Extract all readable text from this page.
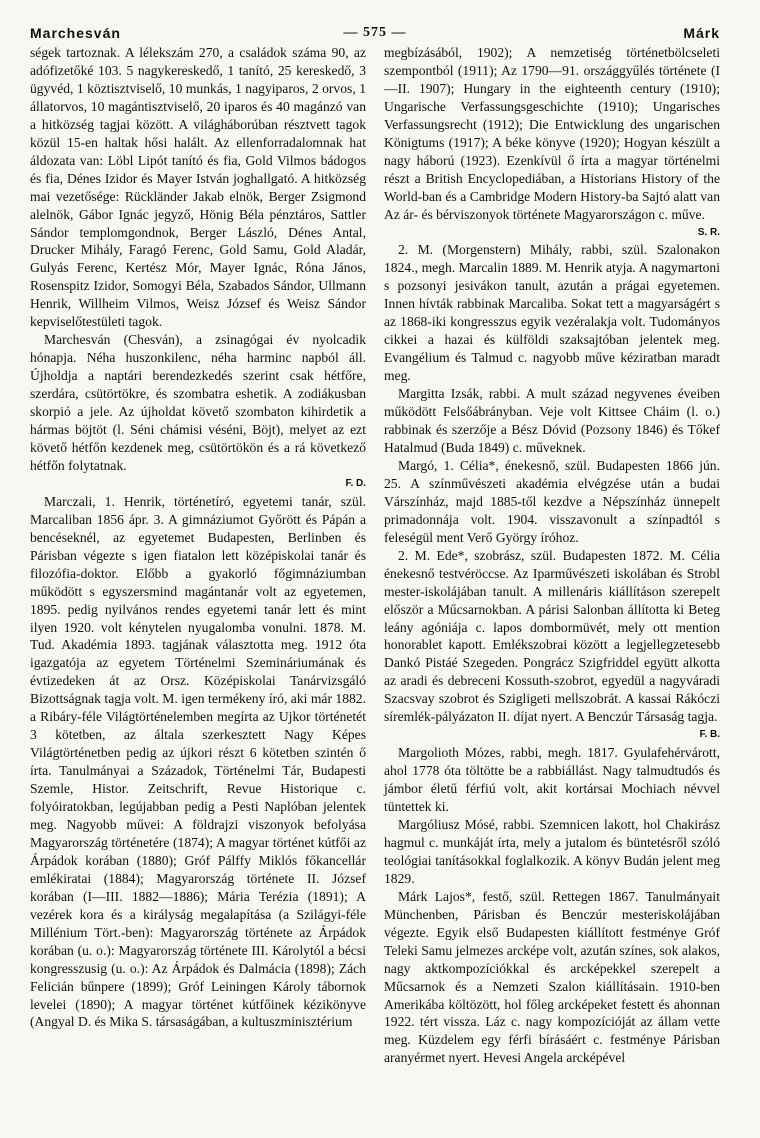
Marchesván	— 575 —	Márk

ségek tartoznak. A lélekszám 270, a családok száma 90, az adófizetőké 103. 5 nagykereskedő, 1 tanító, 25 kereskedő, 3 ügyvéd, 1 köztisztviselő, 10 munkás, 1 nagyiparos, 2 orvos, 1 állatorvos, 10 magántisztviselő, 20 iparos és 40 magánzó van a hitközség tagjai között. A világháborúban résztvett tagok közül 15-en haltak hősi halált. Az ellenforradalomnak hat áldozata van: Löbl Lipót tanító és fia, Gold Vilmos bádogos és fia, Dénes Izidor és Mayer István joghallgató. A hitközség mai vezetősége: Rückländer Jakab elnök, Berger Zsigmond alelnök, Gábor Ignác jegyző, Hönig Béla pénztáros, Sattler Sándor templomgondnok, Berger László, Dénes Antal, Drucker Mihály, Faragó Ferenc, Gold Samu, Gold Aladár, Gulyás Ferenc, Kertész Mór, Mayer Ignác, Róna János, Rosenspitz Izidor, Somogyi Béla, Szabados Sándor, Ullmann Henrik, Willheim Vilmos, Weisz József és Weisz Sándor kepviselőtestületi tagok.

Marchesván (Chesván), a zsinagógai év nyolcadik hónapja. Néha huszonkilenc, néha harminc napból áll. Újholdja a naptári berendezkedés szerint csak hétfőre, szerdára, csütörtökre, és szombatra eshetik. A zodiákusban skorpió a jele. Az újholdat követő szombaton kihirdetik a hármas böjtöt (l. Séni chámisi véséni, Böjt), melyet az ezt követő hétfőn kezdenek meg, csütörtökön és a rá következő hétfőn folytatnak.

F. D.

Marczali, 1. Henrik, történetíró, egyetemi tanár, szül. Marcaliban 1856 ápr. 3. A gimnáziumot Győrött és Pápán a bencéseknél, az egyetemet Budapesten, Berlinben és Párisban végezte s igen fiatalon lett középiskolai tanár és filozófia-doktor. Előbb a gyakorló főgimnáziumban működött s egyszersmind magántanár volt az egyetemen, 1895. pedig nyilvános rendes egyetemi tanár lett és mint ilyen 1920. volt kénytelen nyugalomba vonulni. 1878. M. Tud. Akadémia 1893. tagjának választotta meg. 1912 óta igazgatója az egyetem Történelmi Szemináriumának és évtizedeken át az Orsz. Középiskolai Tanárvizsgáló Bizottságnak tagja volt. M. igen termékeny író, aki már 1882. a Ribáry-féle Világtörténelemben megírta az Ujkor történetét 3 kötetben, az általa szerkesztett Nagy Képes Világtörténetben pedig az újkori részt 6 kötetben szintén ő írta. Tanulmányai a Századok, Történelmi Tár, Budapesti Szemle, Histor. Zeitschrift, Revue Historique c. folyóiratokban, legújabban pedig a Pesti Naplóban jelentek meg. Nagyobb művei: A földrajzi viszonyok befolyása Magyarország történetére (1874); A magyar történet kútfői az Árpádok korában (1880); Gróf Pálffy Miklós főkancellár emlékiratai (1884); Magyarország története II. József korában (I—III. 1882—1886); Mária Terézia (1891); A vezérek kora és a királyság megalapítása (a Szilágyi-féle Millénium Tört.-ben): Magyarország története az Árpádok korában (u. o.): Magyarország története III. Károlytól a bécsi kongresszusig (u. o.): Az Árpádok és Dalmácia (1898); Zách Felicián bűnpere (1899); Gróf Leiningen Károly tábornok levelei (1890); A magyar történet kútfőinek kézikönyve (Angyal D. és Mika S. társaságában, a kultuszminisztérium

megbízásából, 1902); A nemzetiség történetbölcseleti szempontból (1911); Az 1790—91. országgyűlés története (I—II. 1907); Hungary in the eighteenth century (1910); Ungarische Verfassungsgeschichte (1910); Ungarisches Verfassungsrecht (1912); Die Entwicklung des ungarischen Königtums (1917); A béke könyve (1920); Hogyan készült a nagy háború (1923). Ezenkívül ő írta a magyar történelmi részt a British Encyclopediában, a Historians History of the World-ban és a Cambridge Modern History-ba Sajtó alatt van Az ár- és bérviszonyok története Magyarországon c. műve.

S. R.

2. M. (Morgenstern) Mihály, rabbi, szül. Szalonakon 1824., megh. Marcalin 1889. M. Henrik atyja. A nagymartoni s pozsonyi jesivákon tanult, azután a prágai egyetemen. Innen hívták rabbinak Marcaliba. Sokat tett a magyarságért s az 1868-iki kongresszus egyik vezéralakja volt. Tudományos cikkei a hazai és külföldi szaksajtóban jelentek meg. Evangélium és Talmud c. nagyobb műve kéziratban maradt meg.

Margitta Izsák, rabbi. A mult század negyvenes éveiben működött Felsőábrányban. Veje volt Kittsee Cháim (l. o.) rabbinak és szerzője a Bész Dóvid (Pozsony 1846) és Tőkef Hatalmud (Buda 1849) c. műveknek.

Margó, 1. Célia*, énekesnő, szül. Budapesten 1866 jún. 25. A színművészeti akadémia elvégzése után a budai Várszínház, majd 1885-től kezdve a Népszínház ünnepelt primadonnája volt. 1904. visszavonult a színpadtól s feleségül ment Verő György íróhoz.

2. M. Ede*, szobrász, szül. Budapesten 1872. M. Célia énekesnő testvéröccse. Az Iparművészeti iskolában és Strobl mester-iskolájában tanult. A millenáris kiállításon szerepelt először a Műcsarnokban. A párisi Salonban állította ki Beteg leány agóniája c. lapos dombormüvét, mely ott mention honorablet kapott. Emlékszobrai között a legjellegzetesebb Dankó Pistáé Szegeden. Pongrácz Szigfriddel együtt alkotta az aradi és debreceni Kossuth-szobrot, egyedül a nagyváradi Szacsvay szobrot és Szigligeti mellszobrát. A kassai Rákóczi síremlék-pályázaton II. díjat nyert. A Benczúr Társaság tagja.

F. B.

Margolioth Mózes, rabbi, megh. 1817. Gyulafehérvárott, ahol 1778 óta töltötte be a rabbiállást. Nagy talmudtudós és jámbor életű férfiú volt, akit kortársai Mochiach névvel tüntettek ki.

Margóliusz Mósé, rabbi. Szemnicen lakott, hol Chakirász hagmul c. munkáját írta, mely a jutalom és büntetésről szóló teológiai tanításokkal foglalkozik. A könyv Budán jelent meg 1829.

Márk Lajos*, festő, szül. Rettegen 1867. Tanulmányait Münchenben, Párisban és Benczúr mesteriskolájában végezte. Egyik első Budapesten kiállított festménye Gróf Teleki Samu jelmezes arcképe volt, azután színes, sok alakos, nagy aktkompozíciókkal és arcképekkel szerepelt a Műcsarnok és a Nemzeti Szalon kiállításain. 1910-ben Amerikába költözött, hol főleg arcképeket festett és ahonnan 1922. tért vissza. Láz c. nagy kompozícióját az állam vette meg. Küzdelem egy férfi bírásáért c. festménye Párisban aranyérmet nyert. Hevesi Angela arcképével
